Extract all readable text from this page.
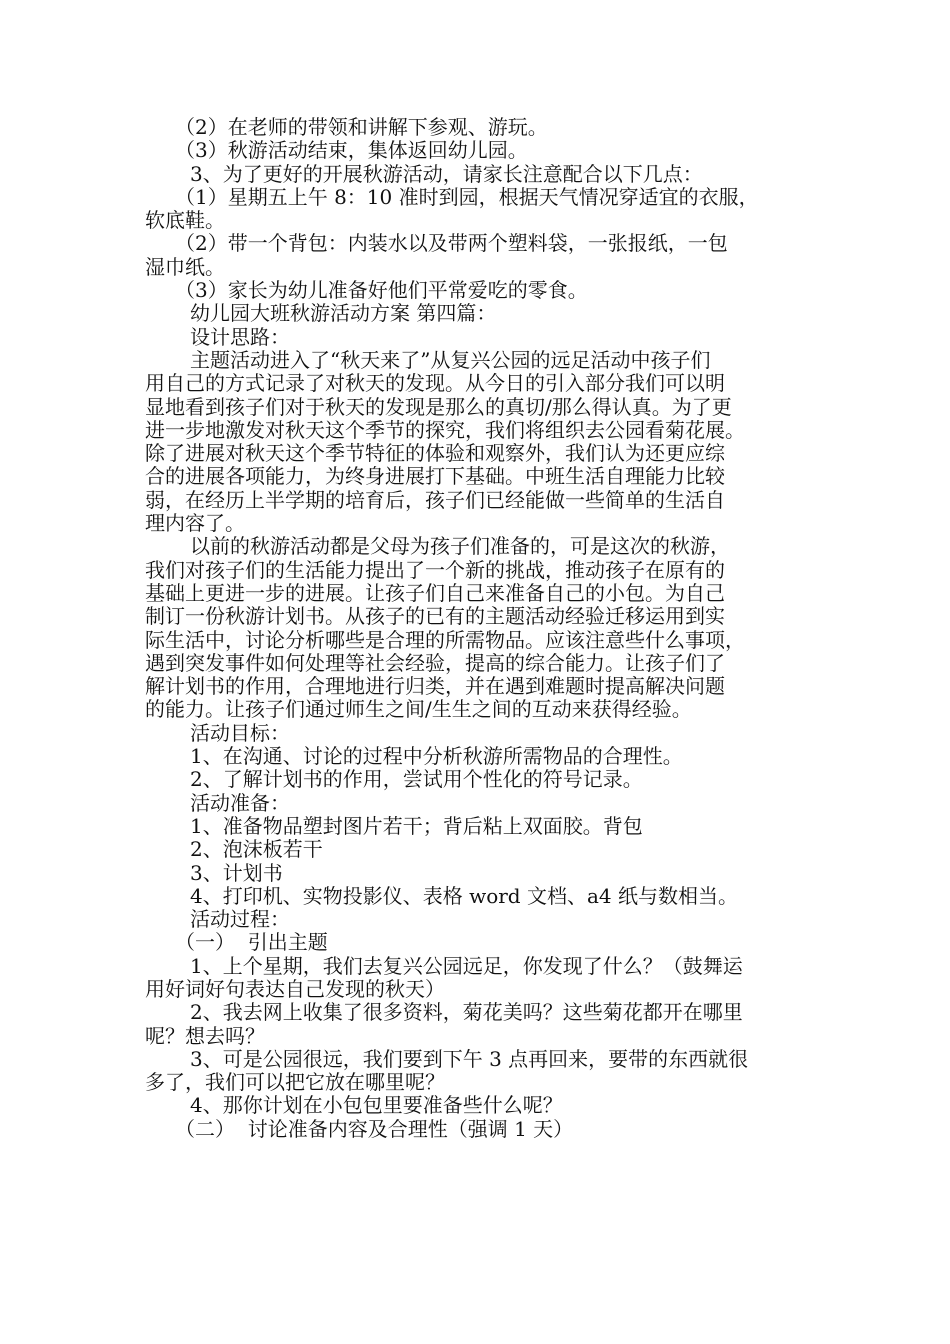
（2）在老师的带领和讲解下参观、游玩。
（3）秋游活动结束，集体返回幼儿园。
3、为了更好的开展秋游活动，请家长注意配合以下几点：
（1）星期五上午 8：10 准时到园，根据天气情况穿适宜的衣服，
软底鞋。
（2）带一个背包：内装水以及带两个塑料袋，一张报纸，一包
湿巾纸。
（3）家长为幼儿准备好他们平常爱吃的零食。
幼儿园大班秋游活动方案 第四篇：
设计思路：
主题活动进入了“秋天来了”从复兴公园的远足活动中孩子们
用自己的方式记录了对秋天的发现。从今日的引入部分我们可以明
显地看到孩子们对于秋天的发现是那么的真切/那么得认真。为了更
进一步地激发对秋天这个季节的探究，我们将组织去公园看菊花展。
除了进展对秋天这个季节特征的体验和观察外，我们认为还更应综
合的进展各项能力，为终身进展打下基础。中班生活自理能力比较
弱，在经历上半学期的培育后，孩子们已经能做一些简单的生活自
理内容了。
以前的秋游活动都是父母为孩子们准备的，可是这次的秋游，
我们对孩子们的生活能力提出了一个新的挑战，推动孩子在原有的
基础上更进一步的进展。让孩子们自己来准备自己的小包。为自己
制订一份秋游计划书。从孩子的已有的主题活动经验迁移运用到实
际生活中，讨论分析哪些是合理的所需物品。应该注意些什么事项，
遇到突发事件如何处理等社会经验，提高的综合能力。让孩子们了
解计划书的作用，合理地进行归类，并在遇到难题时提高解决问题
的能力。让孩子们通过师生之间/生生之间的互动来获得经验。
活动目标：
1、在沟通、讨论的过程中分析秋游所需物品的合理性。
2、了解计划书的作用，尝试用个性化的符号记录。
活动准备：
1、准备物品塑封图片若干；背后粘上双面胶。背包
2、泡沫板若干
3、计划书
4、打印机、实物投影仪、表格 word 文档、a4 纸与数相当。
活动过程：
（一）  引出主题
1、上个星期，我们去复兴公园远足，你发现了什么？（鼓舞运
用好词好句表达自己发现的秋天）
2、我去网上收集了很多资料，菊花美吗？这些菊花都开在哪里
呢？想去吗？
3、可是公园很远，我们要到下午 3 点再回来，要带的东西就很
多了，我们可以把它放在哪里呢？
4、那你计划在小包包里要准备些什么呢？
（二）  讨论准备内容及合理性（强调 1 天）
